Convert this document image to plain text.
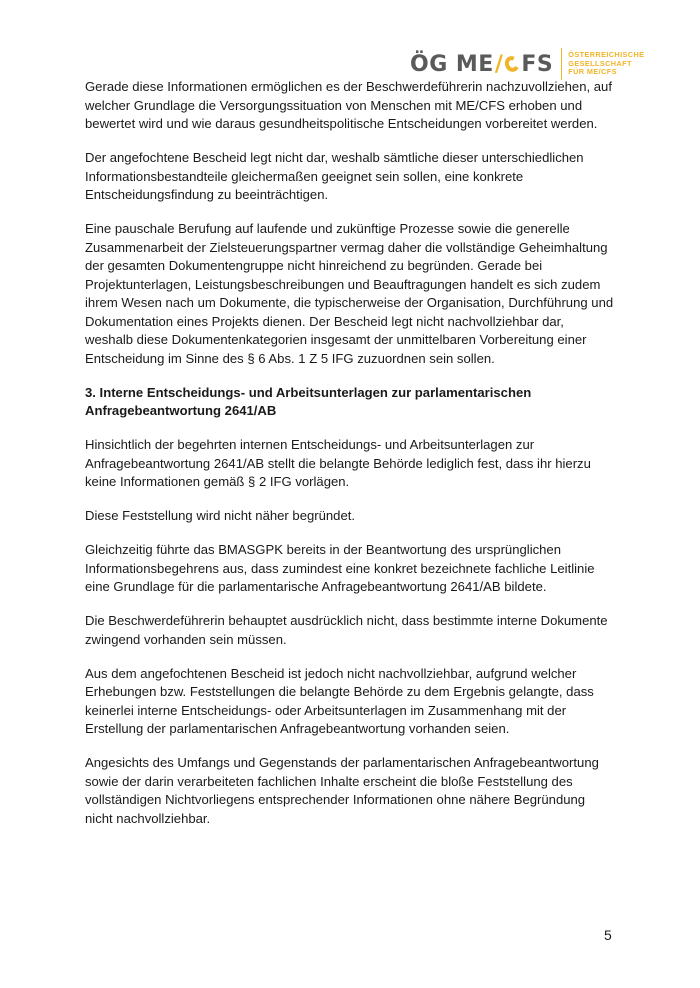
ÖG ME / FS ÖSTERREICHISCHE
GESELLSCHAFT
FÜR ME/CFS

Gerade diese Informationen ermöglichen es der Beschwerdeführerin nachzuvollziehen, auf welcher Grundlage die Versorgungssituation von Menschen mit ME/CFS erhoben und bewertet wird und wie daraus gesundheitspolitische Entscheidungen vorbereitet werden.

Der angefochtene Bescheid legt nicht dar, weshalb sämtliche dieser unterschiedlichen Informationsbestandteile gleichermaßen geeignet sein sollen, eine konkrete Entscheidungsfindung zu beeinträchtigen.

Eine pauschale Berufung auf laufende und zukünftige Prozesse sowie die generelle Zusammenarbeit der Zielsteuerungspartner vermag daher die vollständige Geheimhaltung der gesamten Dokumentengruppe nicht hinreichend zu begründen. Gerade bei Projektunterlagen, Leistungsbeschreibungen und Beauftragungen handelt es sich zudem ihrem Wesen nach um Dokumente, die typischerweise der Organisation, Durchführung und Dokumentation eines Projekts dienen. Der Bescheid legt nicht nachvollziehbar dar, weshalb diese Dokumentenkategorien insgesamt der unmittelbaren Vorbereitung einer Entscheidung im Sinne des § 6 Abs. 1 Z 5 IFG zuzuordnen sein sollen.

3. Interne Entscheidungs- und Arbeitsunterlagen zur parlamentarischen Anfragebeantwortung 2641/AB

Hinsichtlich der begehrten internen Entscheidungs- und Arbeitsunterlagen zur Anfragebeantwortung 2641/AB stellt die belangte Behörde lediglich fest, dass ihr hierzu keine Informationen gemäß § 2 IFG vorlägen.

Diese Feststellung wird nicht näher begründet.

Gleichzeitig führte das BMASGPK bereits in der Beantwortung des ursprünglichen Informationsbegehrens aus, dass zumindest eine konkret bezeichnete fachliche Leitlinie eine Grundlage für die parlamentarische Anfragebeantwortung 2641/AB bildete.

Die Beschwerdeführerin behauptet ausdrücklich nicht, dass bestimmte interne Dokumente zwingend vorhanden sein müssen.

Aus dem angefochtenen Bescheid ist jedoch nicht nachvollziehbar, aufgrund welcher Erhebungen bzw. Feststellungen die belangte Behörde zu dem Ergebnis gelangte, dass keinerlei interne Entscheidungs- oder Arbeitsunterlagen im Zusammenhang mit der Erstellung der parlamentarischen Anfragebeantwortung vorhanden seien.

Angesichts des Umfangs und Gegenstands der parlamentarischen Anfragebeantwortung sowie der darin verarbeiteten fachlichen Inhalte erscheint die bloße Feststellung des vollständigen Nichtvorliegens entsprechender Informationen ohne nähere Begründung nicht nachvollziehbar.

5
